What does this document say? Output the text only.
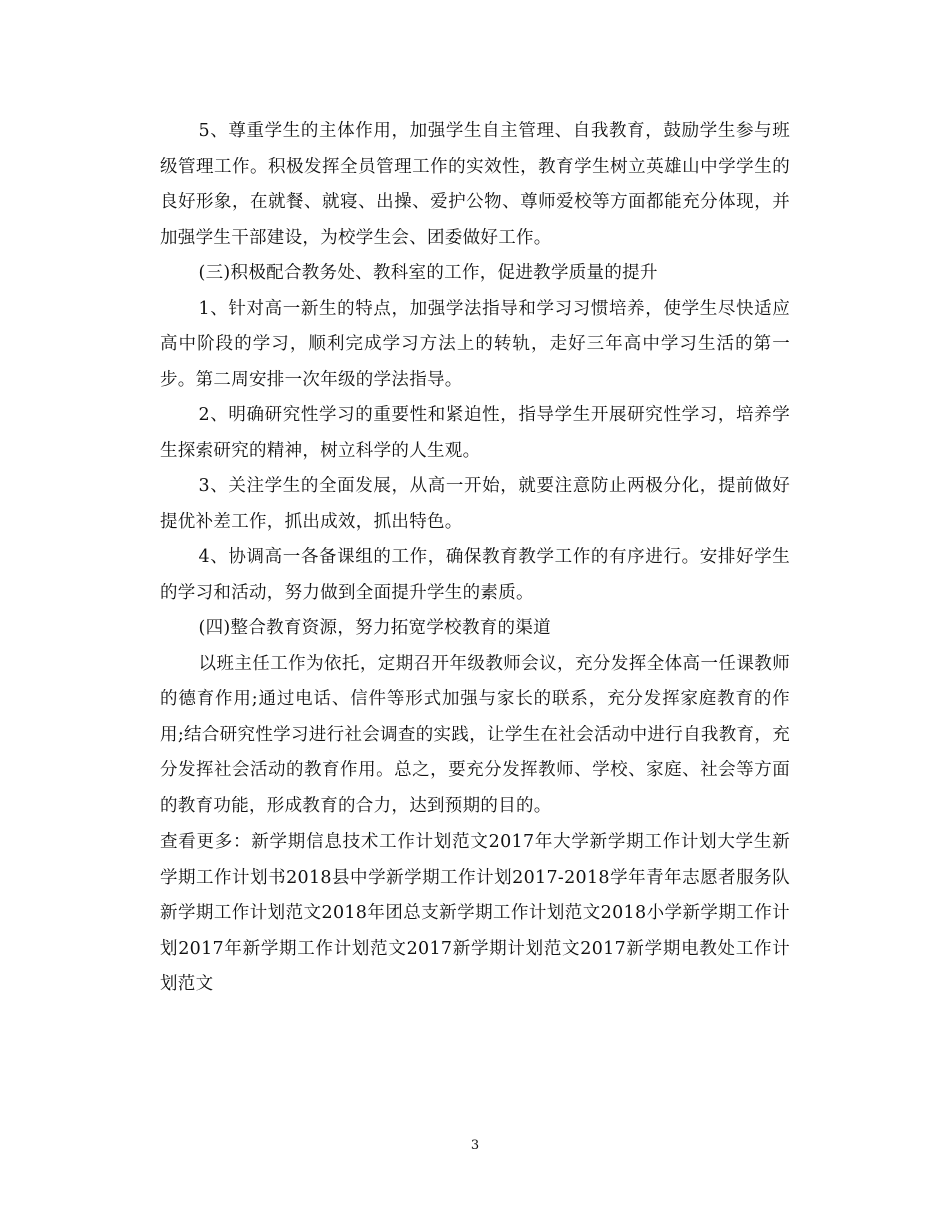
5、尊重学生的主体作用，加强学生自主管理、自我教育，鼓励学生参与班级管理工作。积极发挥全员管理工作的实效性，教育学生树立英雄山中学学生的良好形象，在就餐、就寝、出操、爱护公物、尊师爱校等方面都能充分体现，并加强学生干部建设，为校学生会、团委做好工作。

(三)积极配合教务处、教科室的工作，促进教学质量的提升

1、针对高一新生的特点，加强学法指导和学习习惯培养，使学生尽快适应高中阶段的学习，顺利完成学习方法上的转轨，走好三年高中学习生活的第一步。第二周安排一次年级的学法指导。

2、明确研究性学习的重要性和紧迫性，指导学生开展研究性学习，培养学生探索研究的精神，树立科学的人生观。

3、关注学生的全面发展，从高一开始，就要注意防止两极分化，提前做好提优补差工作，抓出成效，抓出特色。

4、协调高一各备课组的工作，确保教育教学工作的有序进行。安排好学生的学习和活动，努力做到全面提升学生的素质。

(四)整合教育资源，努力拓宽学校教育的渠道

以班主任工作为依托，定期召开年级教师会议，充分发挥全体高一任课教师的德育作用;通过电话、信件等形式加强与家长的联系，充分发挥家庭教育的作用;结合研究性学习进行社会调查的实践，让学生在社会活动中进行自我教育，充分发挥社会活动的教育作用。总之，要充分发挥教师、学校、家庭、社会等方面的教育功能，形成教育的合力，达到预期的目的。

查看更多：新学期信息技术工作计划范文2017年大学新学期工作计划大学生新学期工作计划书2018县中学新学期工作计划2017-2018学年青年志愿者服务队新学期工作计划范文2018年团总支新学期工作计划范文2018小学新学期工作计划2017年新学期工作计划范文2017新学期计划范文2017新学期电教处工作计划范文

3
